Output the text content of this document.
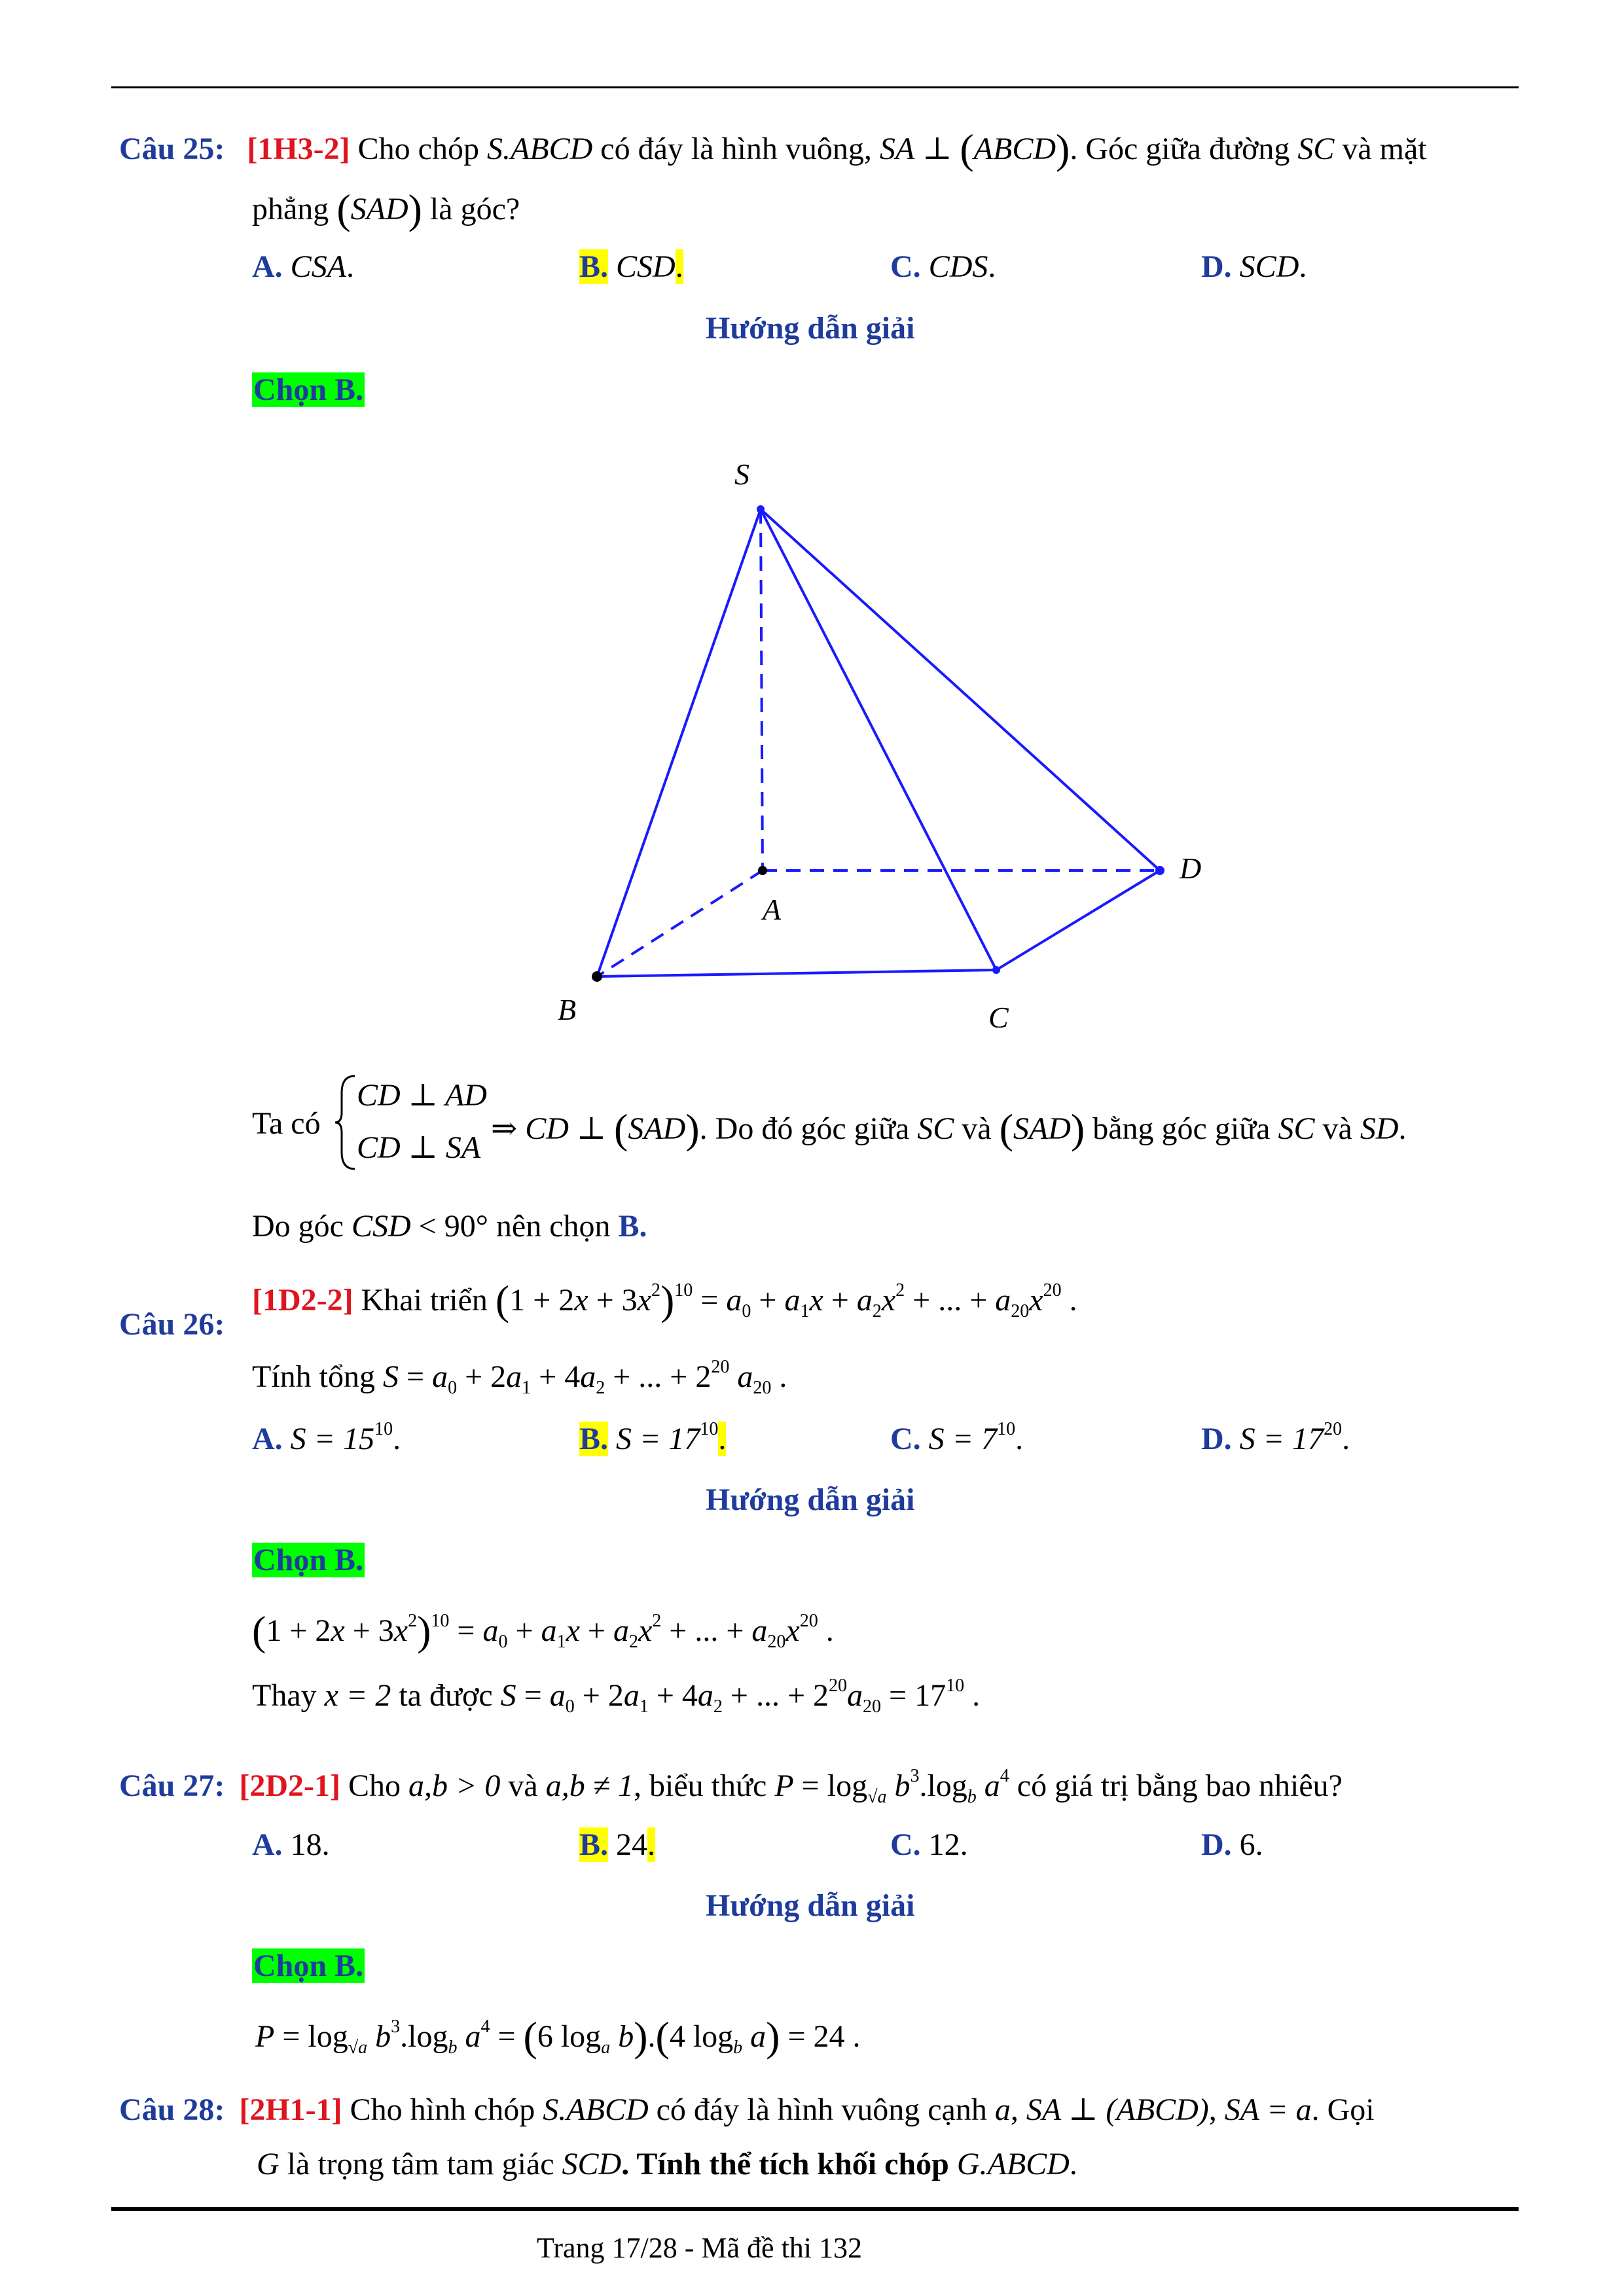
Câu 25: [1H3-2] Cho chóp S.ABCD có đáy là hình vuông, SA ⊥ (ABCD). Góc giữa đường SC và mặt
phẳng (SAD) là góc?
A. CSA.	B. CSD.	C. CDS.	D. SCD.
Hướng dẫn giải
Chọn B.
S
A
B	C
D
Ta có
CD ⊥ AD
CD ⊥ SA
⇒ CD ⊥ (SAD). Do đó góc giữa SC và (SAD) bằng góc giữa SC và SD.
Do góc CSD < 90° nên chọn B.
Câu 26:
[1D2-2] Khai triển $(1 + 2x + 3x^2)^{10} = a_0 + a_1x + a_2x^2$ + ... + $a_{20}x^{20}$ .
Tính tổng $S = a_0 + 2a_1 + 4a_2$ + ... + $2^{20}$ $a_{20}$ .
A. $S = 15^{10}$.	B. $S = 17^{10}$.	C. $S = 7^{10}$.	D. $S = 17^{20}$.
Hướng dẫn giải
Chọn B.
$(1 + 2x + 3x^2)^{10} = a_0 + a_1x + a_2x^2$ + ... + $a_{20}x^{20}$ .
Thay x = 2 ta được $S = a_0 + 2a_1 + 4a_2$ + ... + $2^{20}a_{20} = 17^{10}$ .
Câu 27: [2D2-1] Cho a,b > 0 và a,b ≠ 1, biểu thức $P = \log_{√a} b^3.\log_b$ $a^4$ có giá trị bằng bao nhiêu?
A. 18.	B. 24.	C. 12.	D. 6.
Hướng dẫn giải
Chọn B.
$P = \log_{√a} b^3.\log_b$ $a^4 = (6$ $\log_a b).(4$ $\log_b a) = 24$ .
Câu 28: [2H1-1] Cho hình chóp S.ABCD có đáy là hình vuông cạnh a, SA ⊥ (ABCD), SA = a. Gọi
G là trọng tâm tam giác SCD. Tính thể tích khối chóp G.ABCD.
Trang 17/28 - Mã đề thi 132
